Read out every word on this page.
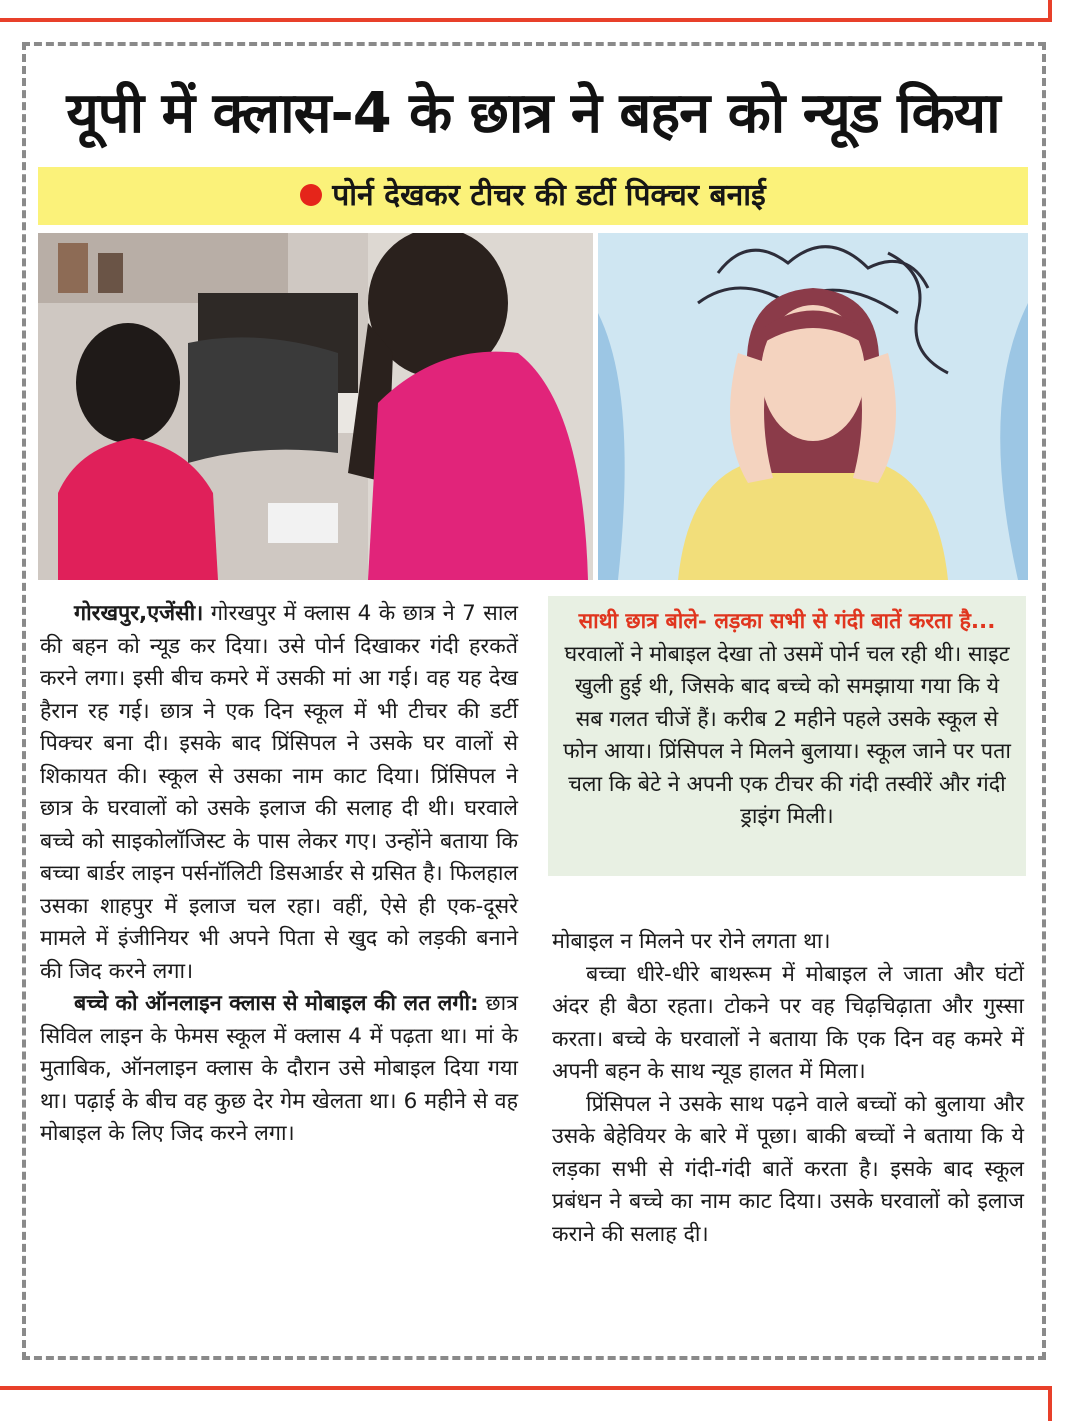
यूपी में क्लास-4 के छात्र ने बहन को न्यूड किया
पोर्न देखकर टीचर की डर्टी पिक्चर बनाई

गोरखपुर,एजेंसी। गोरखपुर में क्लास 4 के छात्र ने 7 साल की बहन को न्यूड कर दिया। उसे पोर्न दिखाकर गंदी हरकतें करने लगा। इसी बीच कमरे में उसकी मां आ गई। वह यह देख हैरान रह गई। छात्र ने एक दिन स्कूल में भी टीचर की डर्टी पिक्चर बना दी। इसके बाद प्रिंसिपल ने उसके घर वालों से शिकायत की। स्कूल से उसका नाम काट दिया। प्रिंसिपल ने छात्र के घरवालों को उसके इलाज की सलाह दी थी। घरवाले बच्चे को साइकोलॉजिस्ट के पास लेकर गए। उन्होंने बताया कि बच्चा बार्डर लाइन पर्सनॉलिटी डिसआर्डर से ग्रसित है। फिलहाल उसका शाहपुर में इलाज चल रहा। वहीं, ऐसे ही एक-दूसरे मामले में इंजीनियर भी अपने पिता से खुद को लड़की बनाने की जिद करने लगा।

बच्चे को ऑनलाइन क्लास से मोबाइल की लत लगी: छात्र सिविल लाइन के फेमस स्कूल में क्लास 4 में पढ़ता था। मां के मुताबिक, ऑनलाइन क्लास के दौरान उसे मोबाइल दिया गया था। पढ़ाई के बीच वह कुछ देर गेम खेलता था। 6 महीने से वह मोबाइल के लिए जिद करने लगा।

साथी छात्र बोले- लड़का सभी से गंदी बातें करता है... घरवालों ने मोबाइल देखा तो उसमें पोर्न चल रही थी। साइट खुली हुई थी, जिसके बाद बच्चे को समझाया गया कि ये सब गलत चीजें हैं। करीब 2 महीने पहले उसके स्कूल से फोन आया। प्रिंसिपल ने मिलने बुलाया। स्कूल जाने पर पता चला कि बेटे ने अपनी एक टीचर की गंदी तस्वीरें और गंदी ड्राइंग मिली।

मोबाइल न मिलने पर रोने लगता था।

बच्चा धीरे-धीरे बाथरूम में मोबाइल ले जाता और घंटों अंदर ही बैठा रहता। टोकने पर वह चिढ़चिढ़ाता और गुस्सा करता। बच्चे के घरवालों ने बताया कि एक दिन वह कमरे में अपनी बहन के साथ न्यूड हालत में मिला।

प्रिंसिपल ने उसके साथ पढ़ने वाले बच्चों को बुलाया और उसके बेहेवियर के बारे में पूछा। बाकी बच्चों ने बताया कि ये लड़का सभी से गंदी-गंदी बातें करता है। इसके बाद स्कूल प्रबंधन ने बच्चे का नाम काट दिया। उसके घरवालों को इलाज कराने की सलाह दी।
